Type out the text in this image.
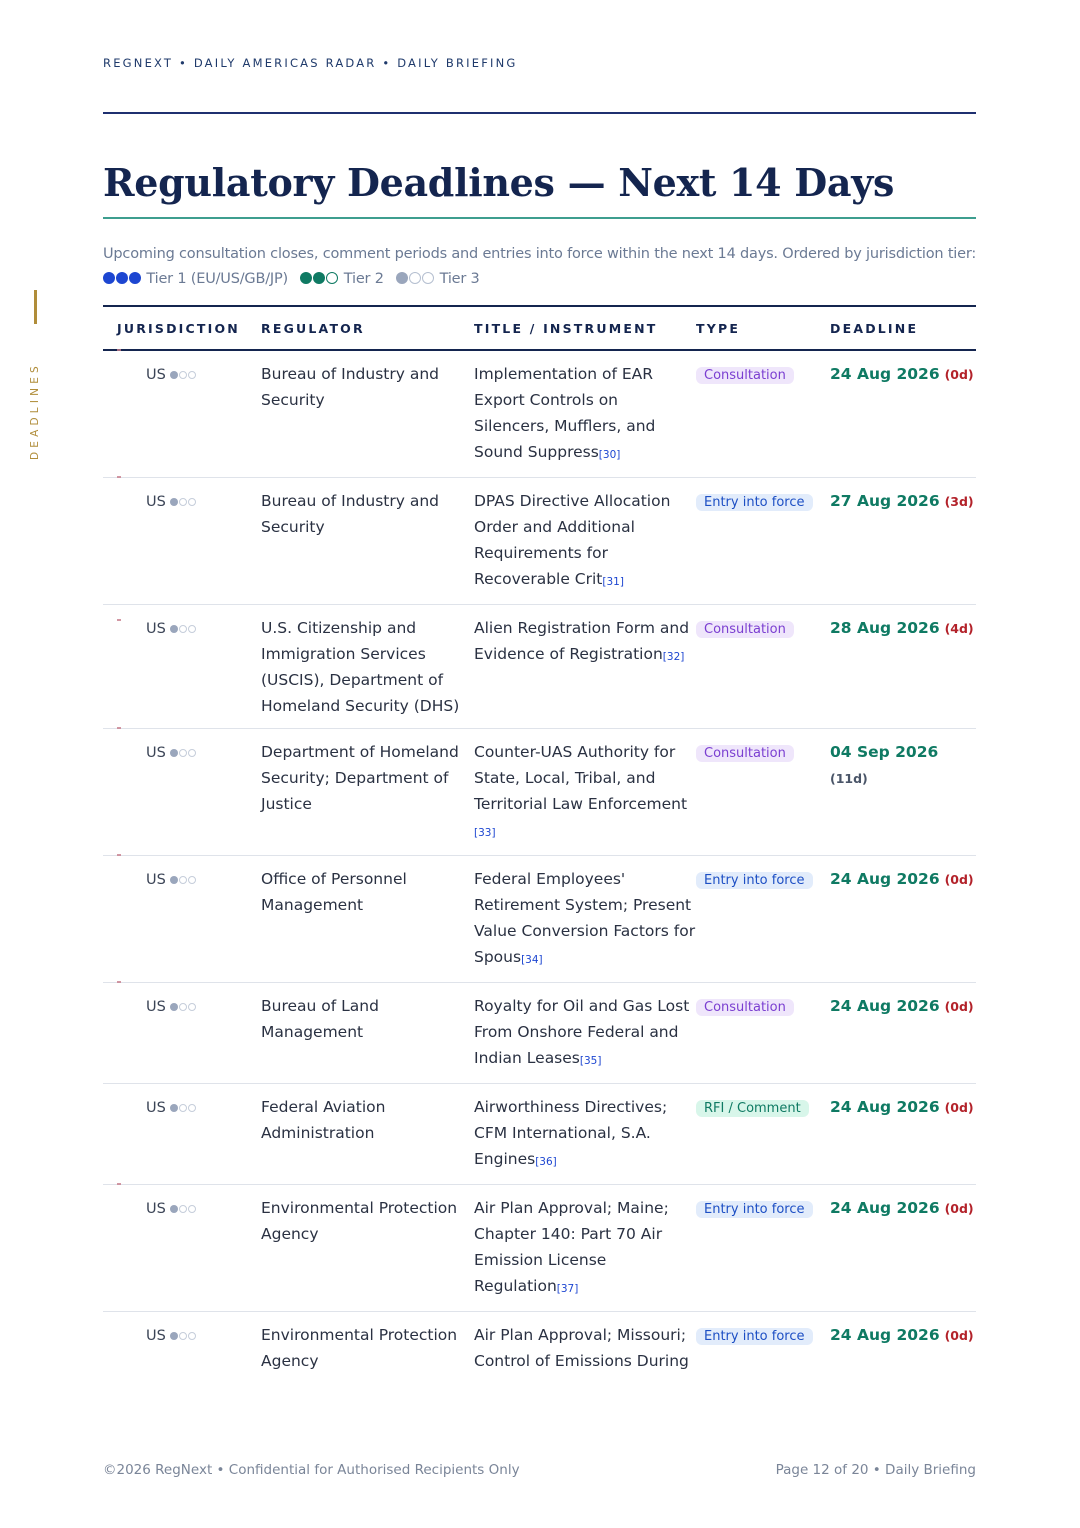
REGNEXT • DAILY AMERICAS RADAR • DAILY BRIEFING
DEADLINES
Regulatory Deadlines — Next 14 Days
Upcoming consultation closes, comment periods and entries into force within the next 14 days. Ordered by jurisdiction tier:
Tier 1 (EU/US/GB/JP)	Tier 2	Tier 3
JURISDICTION	REGULATOR	TITLE / INSTRUMENT	TYPE	DEADLINE

US	Bureau of Industry and Security	Implementation of EAR Export Controls on Silencers, Mufflers, and Sound Suppress[30]	Consultation	24 Aug 2026 (0d)

US	Bureau of Industry and Security	DPAS Directive Allocation Order and Additional Requirements for Recoverable Crit[31]	Entry into force	27 Aug 2026 (3d)

US	U.S. Citizenship and Immigration Services (USCIS), Department of Homeland Security (DHS)	Alien Registration Form and Evidence of Registration[32]	Consultation	28 Aug 2026 (4d)

US	Department of Homeland Security; Department of Justice	Counter-UAS Authority for State, Local, Tribal, and Territorial Law Enforcement [33]	Consultation	04 Sep 2026 (11d)

US	Office of Personnel Management	Federal Employees' Retirement System; Present Value Conversion Factors for Spous[34]	Entry into force	24 Aug 2026 (0d)

US	Bureau of Land Management	Royalty for Oil and Gas Lost From Onshore Federal and Indian Leases[35]	Consultation	24 Aug 2026 (0d)
US	Federal Aviation Administration	Airworthiness Directives; CFM International, S.A. Engines[36]	RFI / Comment	24 Aug 2026 (0d)

US	Environmental Protection Agency	Air Plan Approval; Maine; Chapter 140: Part 70 Air Emission License Regulation[37]	Entry into force	24 Aug 2026 (0d)
US	Environmental Protection Agency	Air Plan Approval; Missouri; Control of Emissions During	Entry into force	24 Aug 2026 (0d)
©2026 RegNext • Confidential for Authorised Recipients Only	Page 12 of 20 • Daily Briefing
